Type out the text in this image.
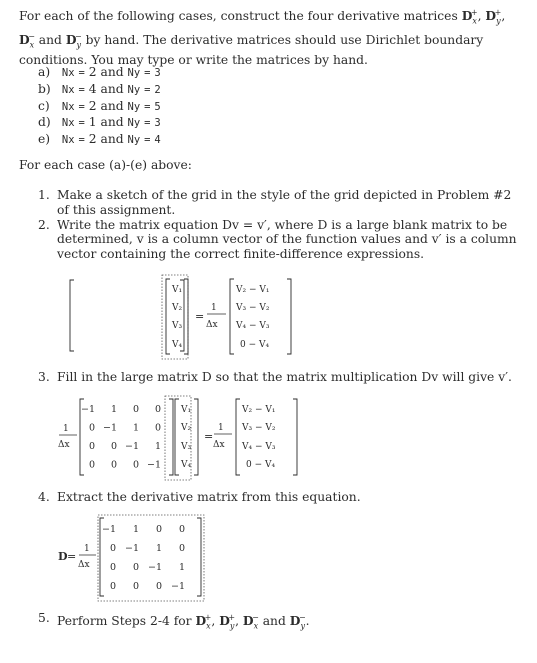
For each of the following cases, construct the four derivative matrices $D_x^+$, $D_y^+$, $D_x^-$ and $D_y^-$ by hand. The derivative matrices should use Dirichlet boundary conditions. You may type or write the matrices by hand.
a) Nx = 2 and Ny = 3
b) Nx = 4 and Ny = 2
c) Nx = 2 and Ny = 5
d) Nx = 1 and Ny = 3
e) Nx = 2 and Ny = 4
For each case (a)-(e) above:
1. Make a sketch of the grid in the style of the grid depicted in Problem #2 of this assignment.
2. Write the matrix equation Dv = v′, where D is a large blank matrix to be determined, v is a column vector of the function values and v′ is a column vector containing the correct finite-difference expressions.
V₁
V₂
V₃
V₄
=
1
Δx
V₂ − V₁
V₃ − V₂
V₄ − V₃
0 − V₄
3. Fill in the large matrix D so that the matrix multiplication Dv will give v′.
1
Δx
−1 1 0 0
0 −1 1 0
0 0 −1 1
0 0 0 −1
V₁
V₂
V₃
V₄
=
1
Δx
V₂ − V₁
V₃ − V₂
V₄ − V₃
0 − V₄
4. Extract the derivative matrix from this equation.
D =
1
Δx
−1 1 0 0
0 −1 1 0
0 0 −1 1
0 0 0 −1
5. Perform Steps 2-4 for $D_x^+$, $D_y^+$, $D_x^-$ and $D_y^-$.
